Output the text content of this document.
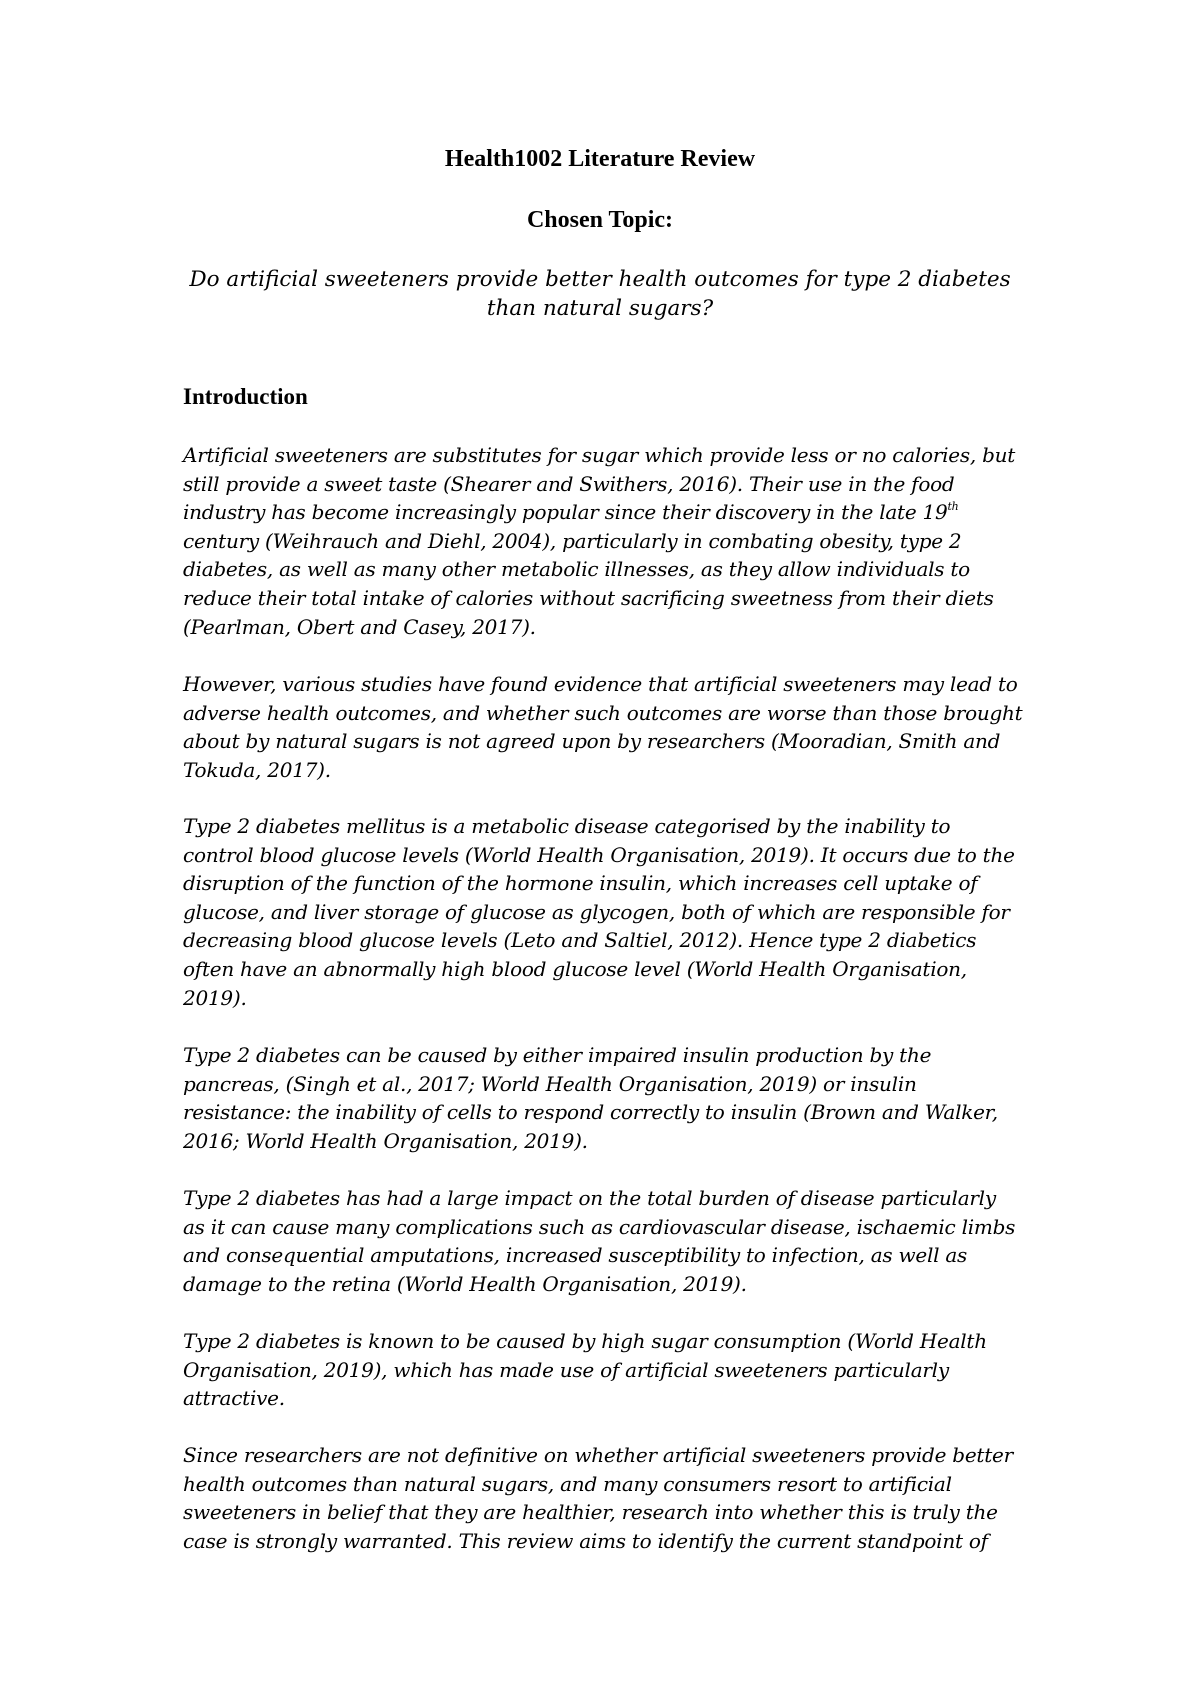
Health1002 Literature Review
Chosen Topic:
Do artificial sweeteners provide better health outcomes for type 2 diabetes
than natural sugars?
Introduction
Artificial sweeteners are substitutes for sugar which provide less or no calories, but
still provide a sweet taste (Shearer and Swithers, 2016). Their use in the food
industry has become increasingly popular since their discovery in the late 19th
century (Weihrauch and Diehl, 2004), particularly in combating obesity, type 2
diabetes, as well as many other metabolic illnesses, as they allow individuals to
reduce their total intake of calories without sacrificing sweetness from their diets
(Pearlman, Obert and Casey, 2017).
However, various studies have found evidence that artificial sweeteners may lead to
adverse health outcomes, and whether such outcomes are worse than those brought
about by natural sugars is not agreed upon by researchers (Mooradian, Smith and
Tokuda, 2017).
Type 2 diabetes mellitus is a metabolic disease categorised by the inability to
control blood glucose levels (World Health Organisation, 2019). It occurs due to the
disruption of the function of the hormone insulin, which increases cell uptake of
glucose, and liver storage of glucose as glycogen, both of which are responsible for
decreasing blood glucose levels (Leto and Saltiel, 2012). Hence type 2 diabetics
often have an abnormally high blood glucose level (World Health Organisation,
2019).
Type 2 diabetes can be caused by either impaired insulin production by the
pancreas, (Singh et al., 2017; World Health Organisation, 2019) or insulin
resistance: the inability of cells to respond correctly to insulin (Brown and Walker,
2016; World Health Organisation, 2019).
Type 2 diabetes has had a large impact on the total burden of disease particularly
as it can cause many complications such as cardiovascular disease, ischaemic limbs
and consequential amputations, increased susceptibility to infection, as well as
damage to the retina (World Health Organisation, 2019).
Type 2 diabetes is known to be caused by high sugar consumption (World Health
Organisation, 2019), which has made use of artificial sweeteners particularly
attractive.
Since researchers are not definitive on whether artificial sweeteners provide better
health outcomes than natural sugars, and many consumers resort to artificial
sweeteners in belief that they are healthier, research into whether this is truly the
case is strongly warranted. This review aims to identify the current standpoint of
